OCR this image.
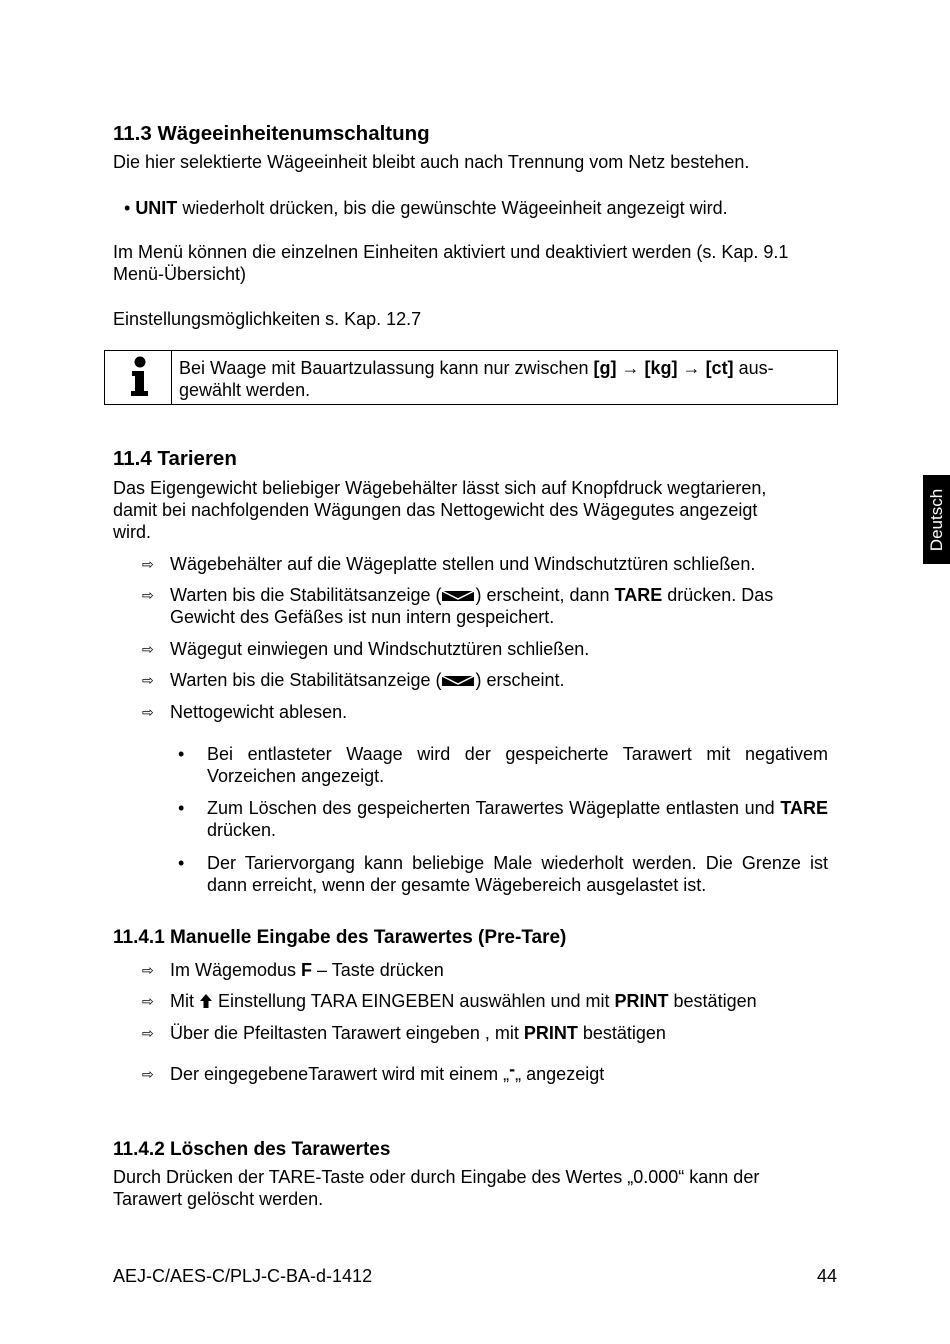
11.3 Wägeeinheitenumschaltung

Die hier selektierte Wägeeinheit bleibt auch nach Trennung vom Netz bestehen.

• UNIT wiederholt drücken, bis die gewünschte Wägeeinheit angezeigt wird.

Im Menü können die einzelnen Einheiten aktiviert und deaktiviert werden (s. Kap. 9.1

Menü-Übersicht)

Einstellungsmöglichkeiten s. Kap. 12.7

Bei Waage mit Bauartzulassung kann nur zwischen [g] → [kg] → [ct] aus-
gewählt werden.
Deutsch
11.4 Tarieren

Das Eigengewicht beliebiger Wägebehälter lässt sich auf Knopfdruck wegtarieren,

damit bei nachfolgenden Wägungen das Nettogewicht des Wägegutes angezeigt

wird.

⇨ Wägebehälter auf die Wägeplatte stellen und Windschutztüren schließen.
⇨ Warten bis die Stabilitätsanzeige ( ) erscheint, dann TARE drücken. Das
Gewicht des Gefäßes ist nun intern gespeichert.
⇨ Wägegut einwiegen und Windschutztüren schließen.
⇨ Warten bis die Stabilitätsanzeige ( ) erscheint.
⇨ Nettogewicht ablesen.
• Bei entlasteter Waage wird der gespeicherte Tarawert mit negativem Vorzeichen angezeigt.
• Zum Löschen des gespeicherten Tarawertes Wägeplatte entlasten und TARE drücken.
• Der Tariervorgang kann beliebige Male wiederholt werden. Die Grenze ist dann erreicht, wenn der gesamte Wägebereich ausgelastet ist.
11.4.1 Manuelle Eingabe des Tarawertes (Pre-Tare)
⇨ Im Wägemodus F – Taste drücken
⇨ Mit  Einstellung TARA EINGEBEN auswählen und mit PRINT bestätigen
⇨ Über die Pfeiltasten Tarawert eingeben , mit PRINT bestätigen
⇨ Der eingegebeneTarawert wird mit einem „-„ angezeigt
11.4.2 Löschen des Tarawertes

Durch Drücken der TARE-Taste oder durch Eingabe des Wertes „0.000“ kann der

Tarawert gelöscht werden.

AEJ-C/AES-C/PLJ-C-BA-d-1412	44
